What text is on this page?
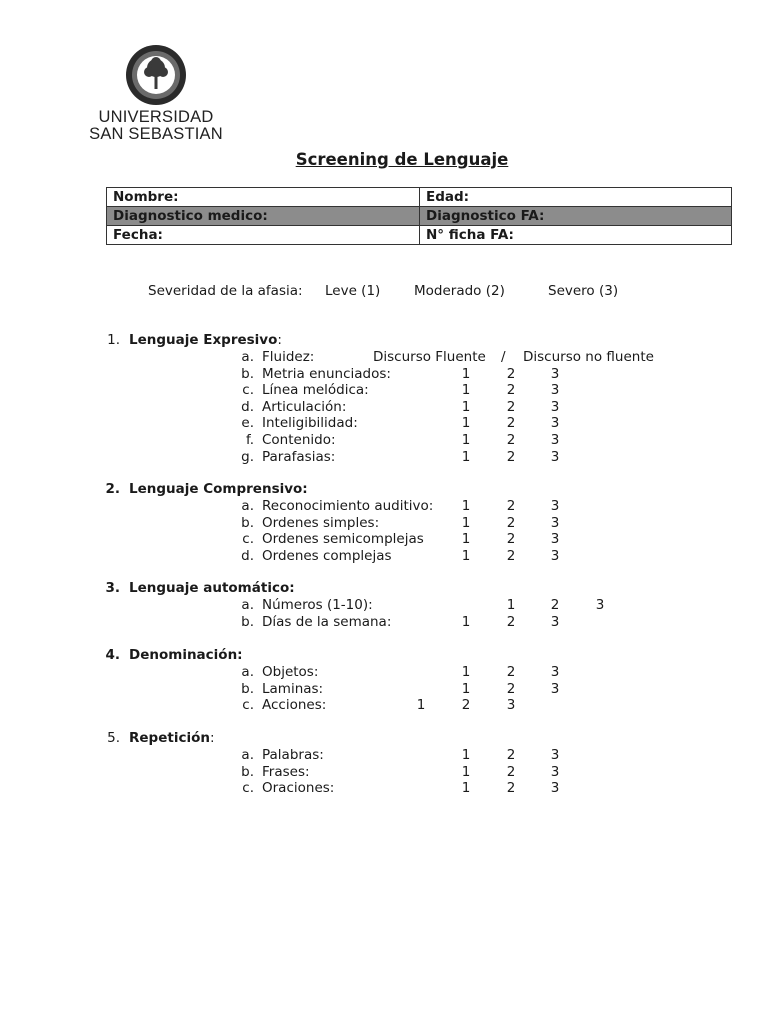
UNIVERSIDAD
SAN SEBASTIAN
Screening de Lenguaje
Nombre:	Edad:
Diagnostico medico:	Diagnostico FA:
Fecha:	N° ficha FA:
Severidad de la afasia: Leve (1) Moderado (2)	Severo (3)
1. Lenguaje Expresivo:
a. Fluidez:	Discurso Fluente / Discurso no fluente
b. Metria enunciados:	1	2	3
c. Línea melódica:	1	2	3
d. Articulación:	1	2	3
e. Inteligibilidad:	1	2	3
f. Contenido:	1	2	3
g. Parafasias:	1	2	3
2. Lenguaje Comprensivo:
a. Reconocimiento auditivo:	1	2	3
b. Ordenes simples:	1	2	3
c. Ordenes semicomplejas	1	2	3
d. Ordenes complejas	1	2	3
3. Lenguaje automático:
a. Números (1-10):	1	2	3
b. Días de la semana:	1	2	3
4. Denominación:
a. Objetos:	1	2	3
b. Laminas:	1	2	3
c. Acciones:	1	2	3
5. Repetición:
a. Palabras:	1	2	3
b. Frases:	1	2	3
c. Oraciones:	1	2	3
